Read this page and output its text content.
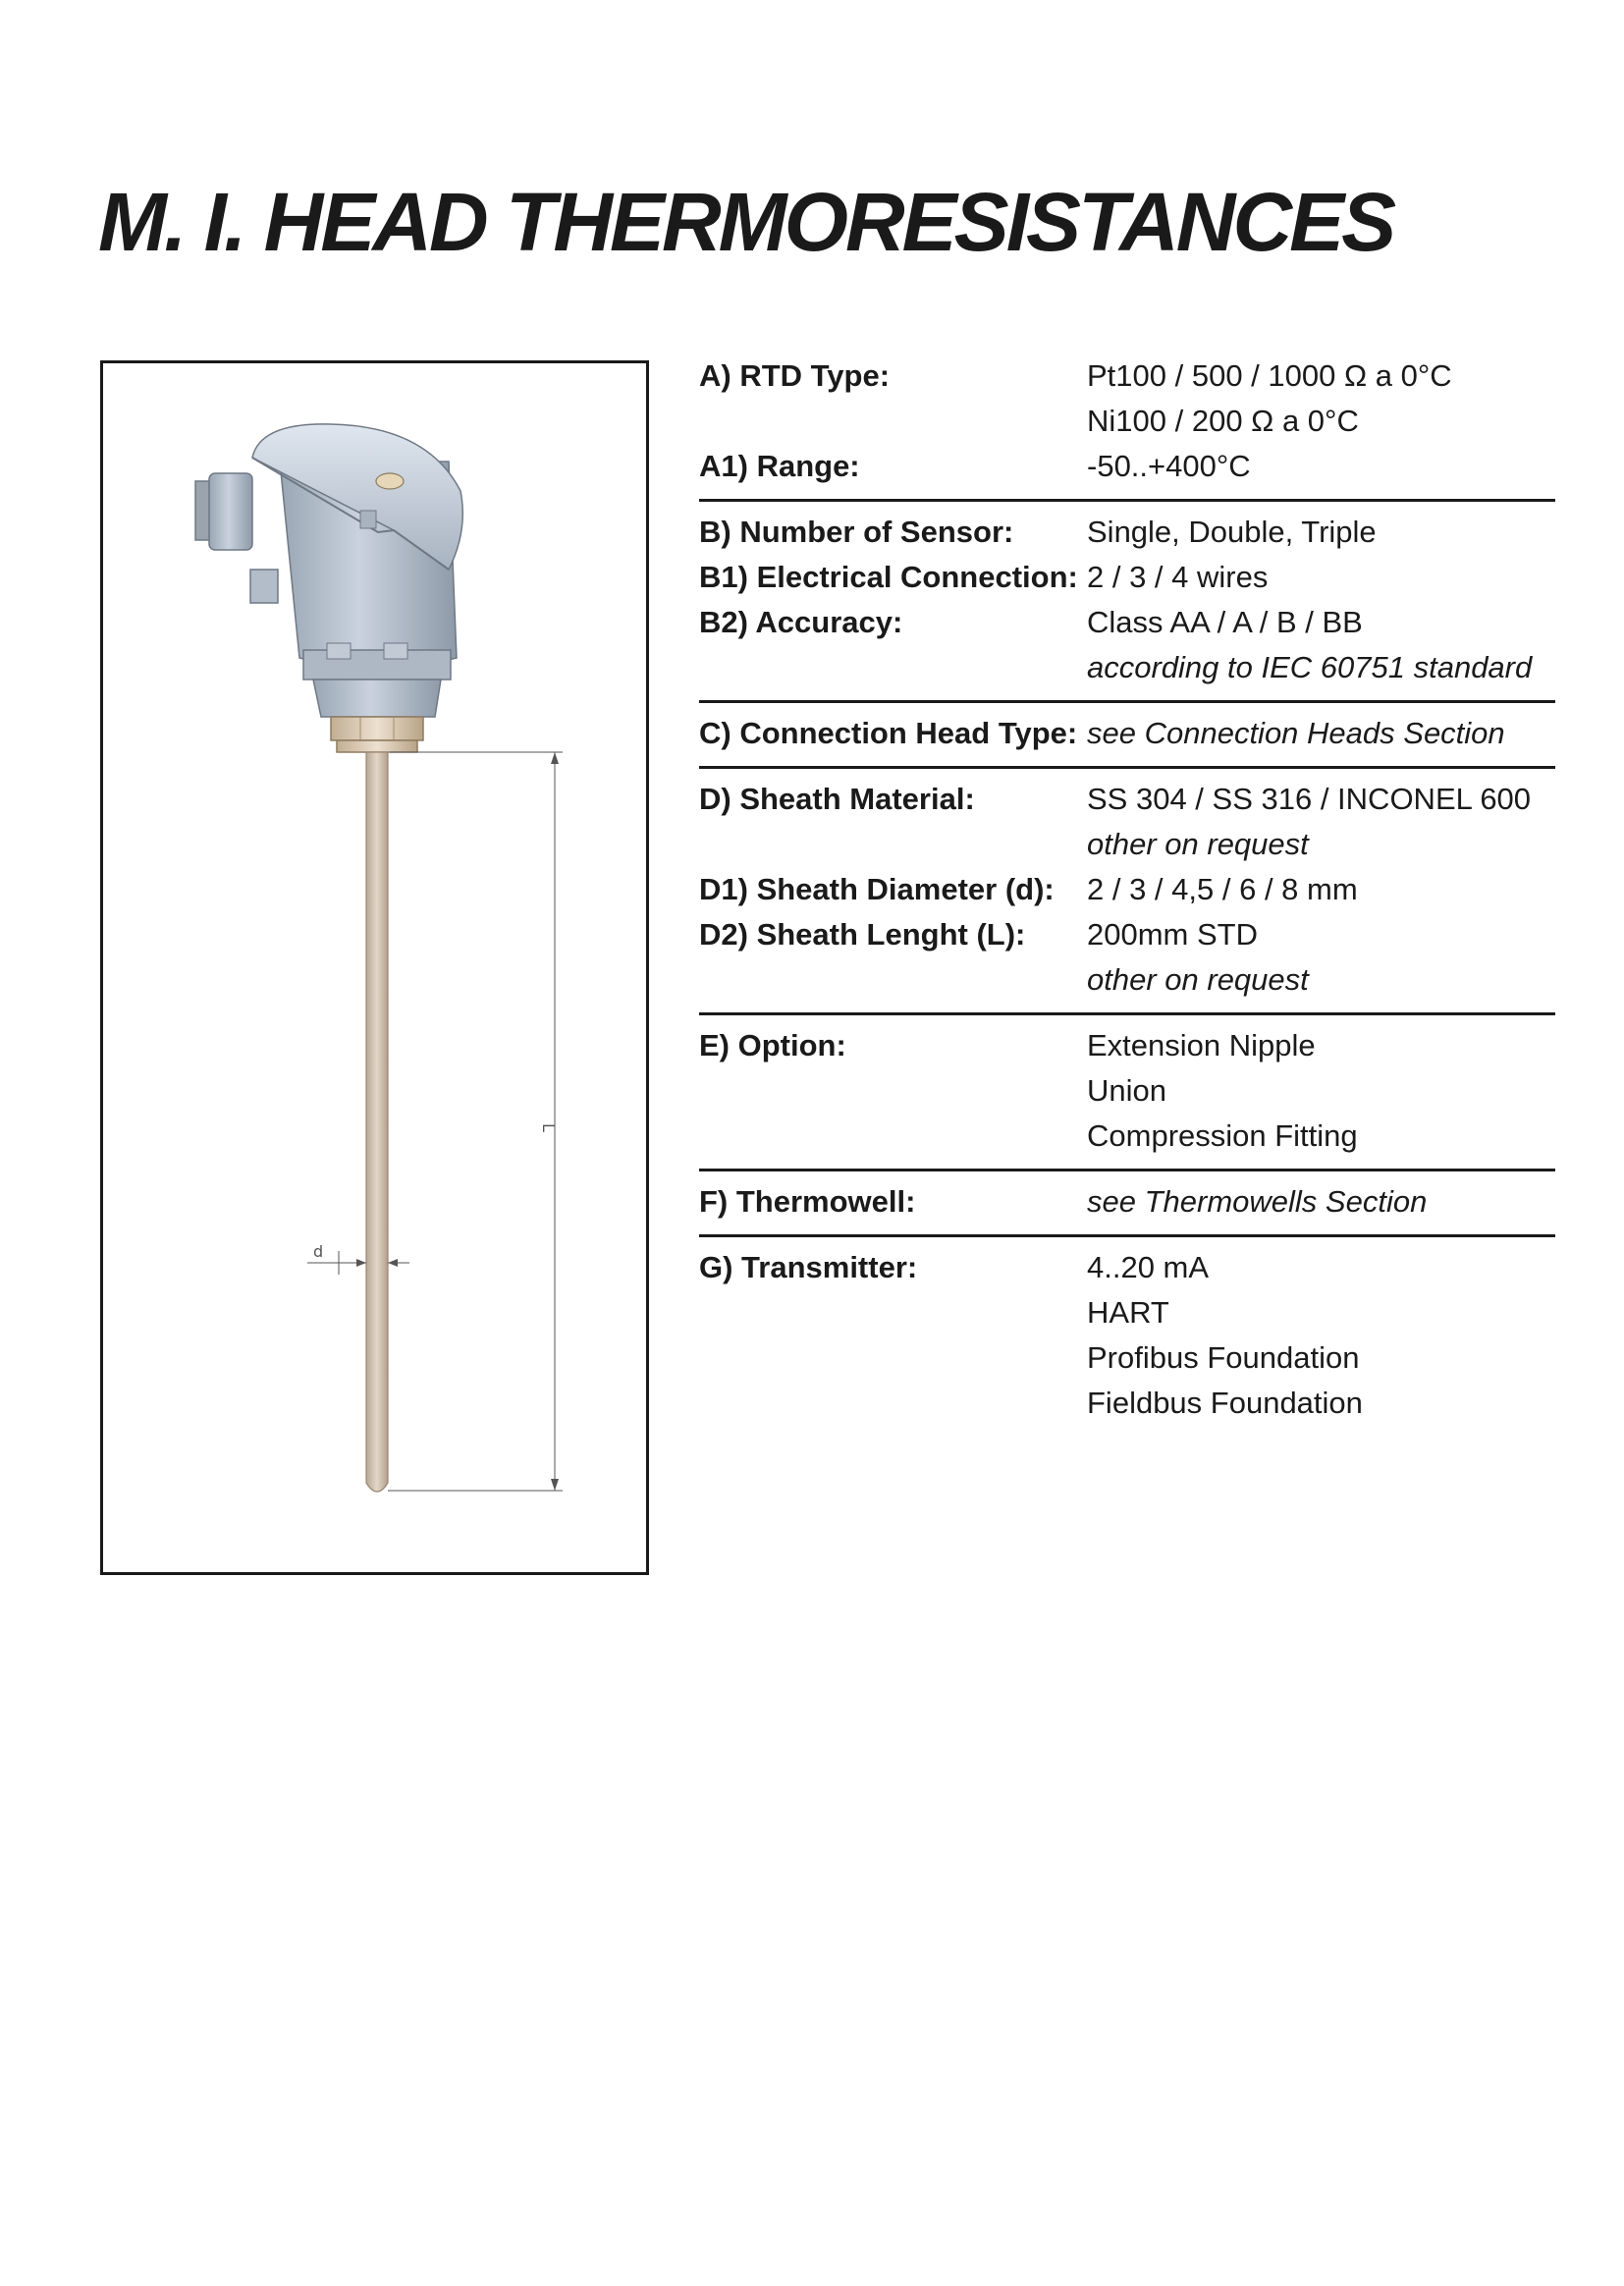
M. I. HEAD THERMORESISTANCES
L
d
A) RTD Type:	Pt100 / 500 / 1000 Ω a 0°C
Ni100 / 200 Ω a 0°C
A1) Range:	-50..+400°C
B) Number of Sensor:	Single, Double, Triple
B1) Electrical Connection: 2 / 3 / 4 wires
B2) Accuracy:	Class AA / A / B / BB
according to IEC 60751 standard
C) Connection Head Type: see Connection Heads Section
D) Sheath Material:	SS 304 / SS 316 / INCONEL 600
other on request
D1) Sheath Diameter (d):	2 / 3 / 4,5 / 6 / 8 mm
D2) Sheath Lenght (L):	200mm STD
other on request
E) Option:	Extension Nipple
Union
Compression Fitting
F) Thermowell:	see Thermowells Section
G) Transmitter:	4..20 mA
HART
Profibus Foundation
Fieldbus Foundation
